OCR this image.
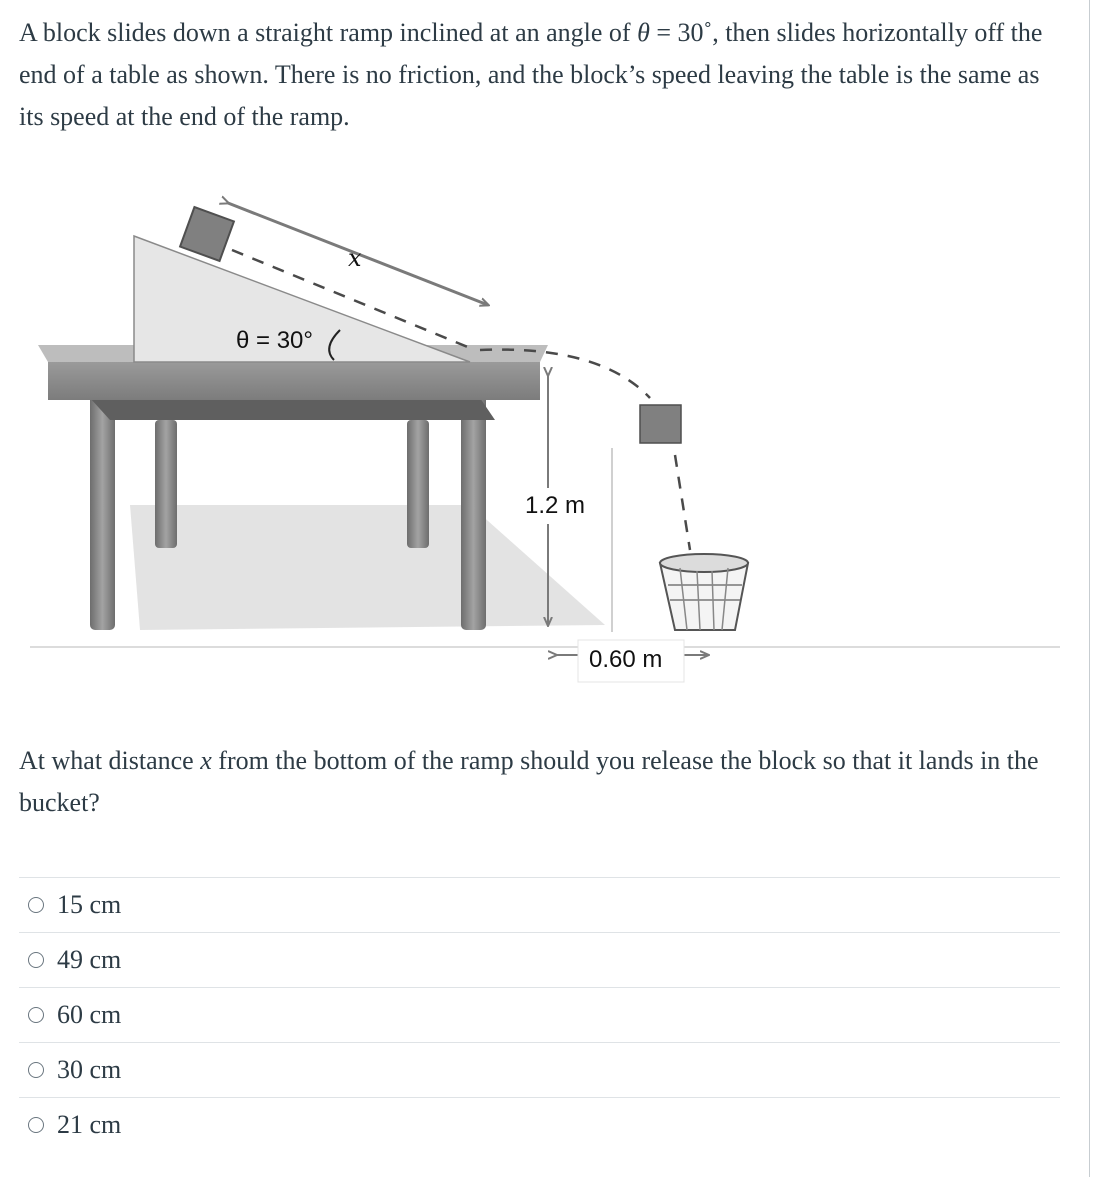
A block slides down a straight ramp inclined at an angle of θ = 30˚, then slides horizontally off the end of a table as shown. There is no friction, and the block’s speed leaving the table is the same as its speed at the end of the ramp.

x
θ = 30°
1.2 m
0.60 m

At what distance x from the bottom of the ramp should you release the block so that it lands in the bucket?

15 cm
49 cm
60 cm
30 cm
21 cm
